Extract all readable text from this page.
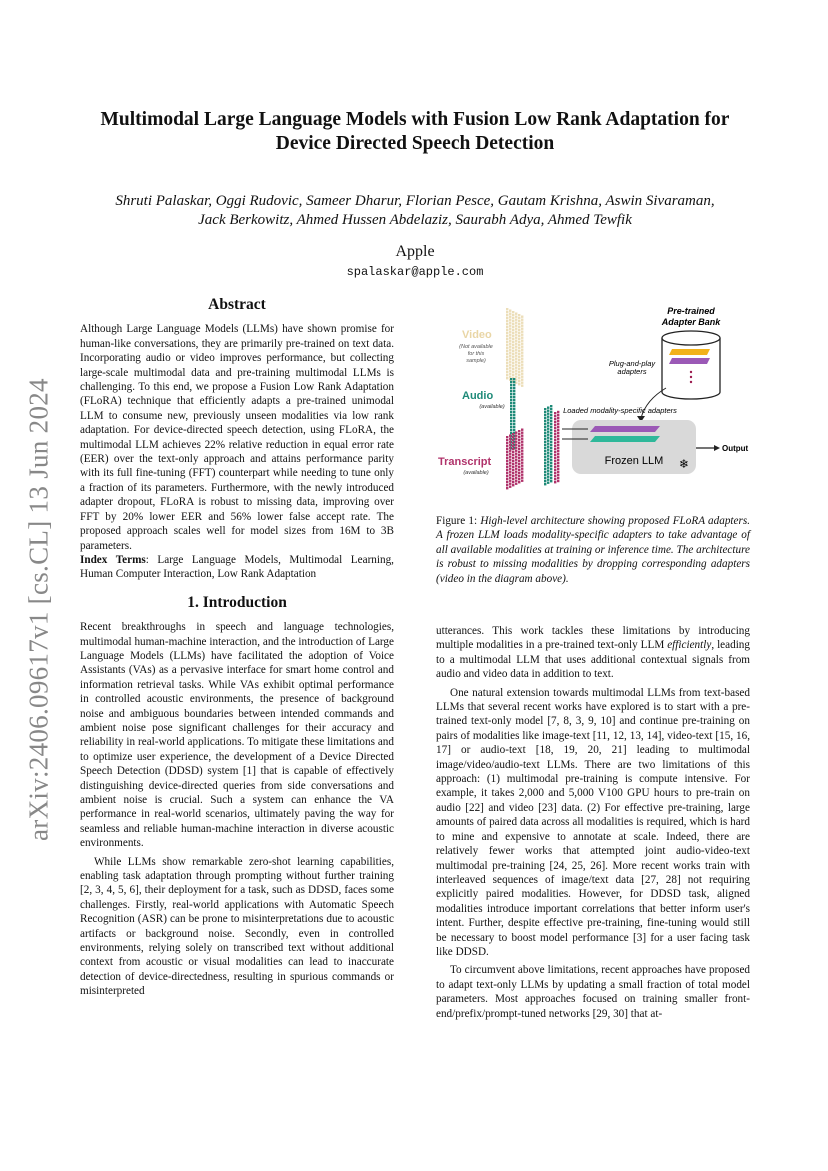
arXiv:2406.09617v1 [cs.CL] 13 Jun 2024
Multimodal Large Language Models with Fusion Low Rank Adaptation for Device Directed Speech Detection
Shruti Palaskar, Oggi Rudovic, Sameer Dharur, Florian Pesce, Gautam Krishna, Aswin Sivaraman,
Jack Berkowitz, Ahmed Hussen Abdelaziz, Saurabh Adya, Ahmed Tewfik
Apple
spalaskar@apple.com
Abstract

Although Large Language Models (LLMs) have shown promise for human-like conversations, they are primarily pre-trained on text data. Incorporating audio or video improves performance, but collecting large-scale multimodal data and pre-training multimodal LLMs is challenging. To this end, we propose a Fusion Low Rank Adaptation (FLoRA) technique that efficiently adapts a pre-trained unimodal LLM to consume new, previously unseen modalities via low rank adaptation. For device-directed speech detection, using FLoRA, the multimodal LLM achieves 22% relative reduction in equal error rate (EER) over the text-only approach and attains performance parity with its full fine-tuning (FFT) counterpart while needing to tune only a fraction of its parameters. Furthermore, with the newly introduced adapter dropout, FLoRA is robust to missing data, improving over FFT by 20% lower EER and 56% lower false accept rate. The proposed approach scales well for model sizes from 16M to 3B parameters.

Index Terms: Large Language Models, Multimodal Learning, Human Computer Interaction, Low Rank Adaptation

1. Introduction

Recent breakthroughs in speech and language technologies, multimodal human-machine interaction, and the introduction of Large Language Models (LLMs) have facilitated the adoption of Voice Assistants (VAs) as a pervasive interface for smart home control and information retrieval tasks. While VAs exhibit optimal performance in controlled acoustic environments, the presence of background noise and ambiguous boundaries between intended commands and ambient noise pose significant challenges for their accuracy and reliability in real-world applications. To mitigate these limitations and to optimize user experience, the development of a Device Directed Speech Detection (DDSD) system [1] that is capable of effectively distinguishing device-directed queries from side conversations and ambient noise is crucial. Such a system can enhance the VA performance in real-world scenarios, ultimately paving the way for seamless and reliable human-machine interaction in diverse acoustic environments.

While LLMs show remarkable zero-shot learning capabilities, enabling task adaptation through prompting without further training [2, 3, 4, 5, 6], their deployment for a task, such as DDSD, faces some challenges. Firstly, real-world applications with Automatic Speech Recognition (ASR) can be prone to misinterpretations due to acoustic artifacts or background noise. Secondly, even in controlled environments, relying solely on transcribed text without additional context from acoustic or visual modalities can lead to inaccurate detection of device-directedness, resulting in spurious commands or misinterpreted

Pre-trained
Adapter Bank
Plug-and-play
adapters
Video
(Not available
for this
sample)
Audio
(available)
Transcript
(available)
Loaded modality-specific adapters
Frozen LLM ❄
Output
Figure 1: High-level architecture showing proposed FLoRA adapters. A frozen LLM loads modality-specific adapters to take advantage of all available modalities at training or inference time. The architecture is robust to missing modalities by dropping corresponding adapters (video in the diagram above).

utterances. This work tackles these limitations by introducing multiple modalities in a pre-trained text-only LLM efficiently, leading to a multimodal LLM that uses additional contextual signals from audio and video data in addition to text.

One natural extension towards multimodal LLMs from text-based LLMs that several recent works have explored is to start with a pre-trained text-only model [7, 8, 3, 9, 10] and continue pre-training on pairs of modalities like image-text [11, 12, 13, 14], video-text [15, 16, 17] or audio-text [18, 19, 20, 21] leading to multimodal image/video/audio-text LLMs. There are two limitations of this approach: (1) multimodal pre-training is compute intensive. For example, it takes 2,000 and 5,000 V100 GPU hours to pre-train on audio [22] and video [23] data. (2) For effective pre-training, large amounts of paired data across all modalities is required, which is hard to mine and expensive to annotate at scale. Indeed, there are relatively fewer works that attempted joint audio-video-text multimodal pre-training [24, 25, 26]. More recent works train with interleaved sequences of image/text data [27, 28] not requiring explicitly paired modalities. However, for DDSD task, aligned modalities introduce important correlations that better inform user's intent. Further, despite effective pre-training, fine-tuning would still be necessary to boost model performance [3] for a user facing task like DDSD.

To circumvent above limitations, recent approaches have proposed to adapt text-only LLMs by updating a small fraction of total model parameters. Most approaches focused on training smaller front-end/prefix/prompt-tuned networks [29, 30] that at-
